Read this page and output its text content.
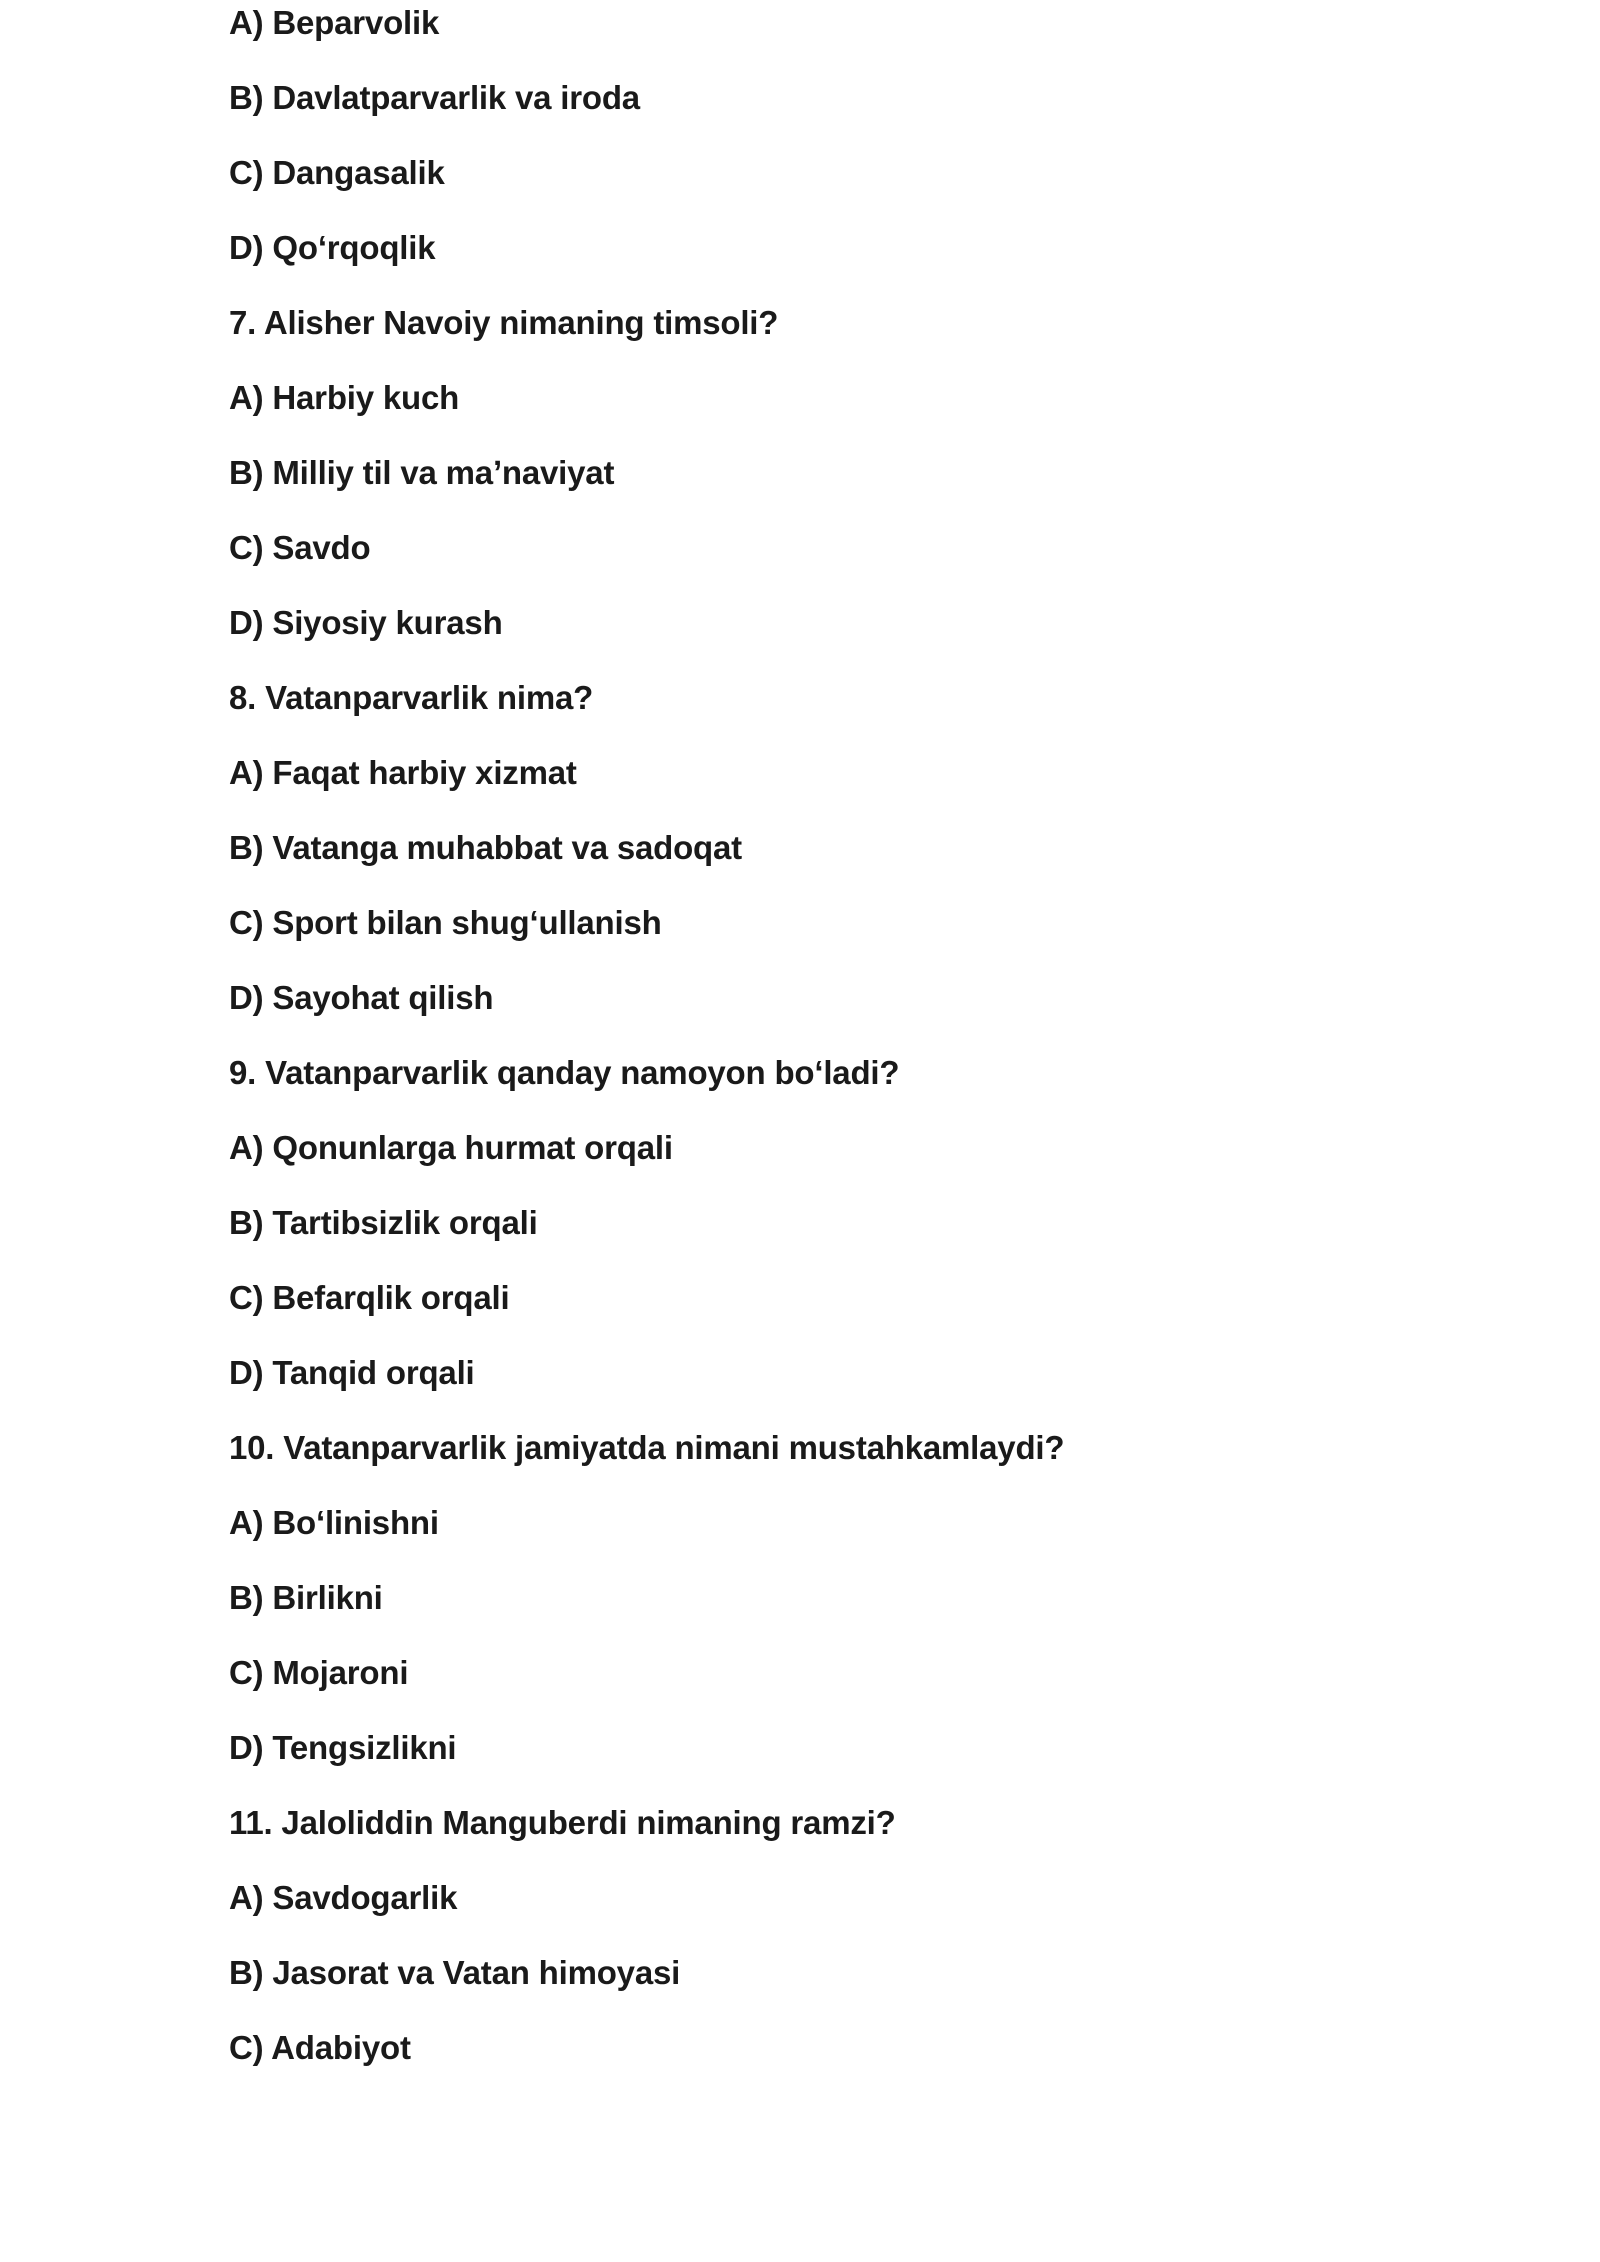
A) Beparvolik
B) Davlatparvarlik va iroda
C) Dangasalik
D) Qoʻrqoqlik
7. Alisher Navoiy nimaning timsoli?
A) Harbiy kuch
B) Milliy til va maʼnaviyat
C) Savdo
D) Siyosiy kurash
8. Vatanparvarlik nima?
A) Faqat harbiy xizmat
B) Vatanga muhabbat va sadoqat
C) Sport bilan shugʻullanish
D) Sayohat qilish
9. Vatanparvarlik qanday namoyon boʻladi?
A) Qonunlarga hurmat orqali
B) Tartibsizlik orqali
C) Befarqlik orqali
D) Tanqid orqali
10. Vatanparvarlik jamiyatda nimani mustahkamlaydi?
A) Boʻlinishni
B) Birlikni
C) Mojaroni
D) Tengsizlikni
11. Jaloliddin Manguberdi nimaning ramzi?
A) Savdogarlik
B) Jasorat va Vatan himoyasi
C) Adabiyot
